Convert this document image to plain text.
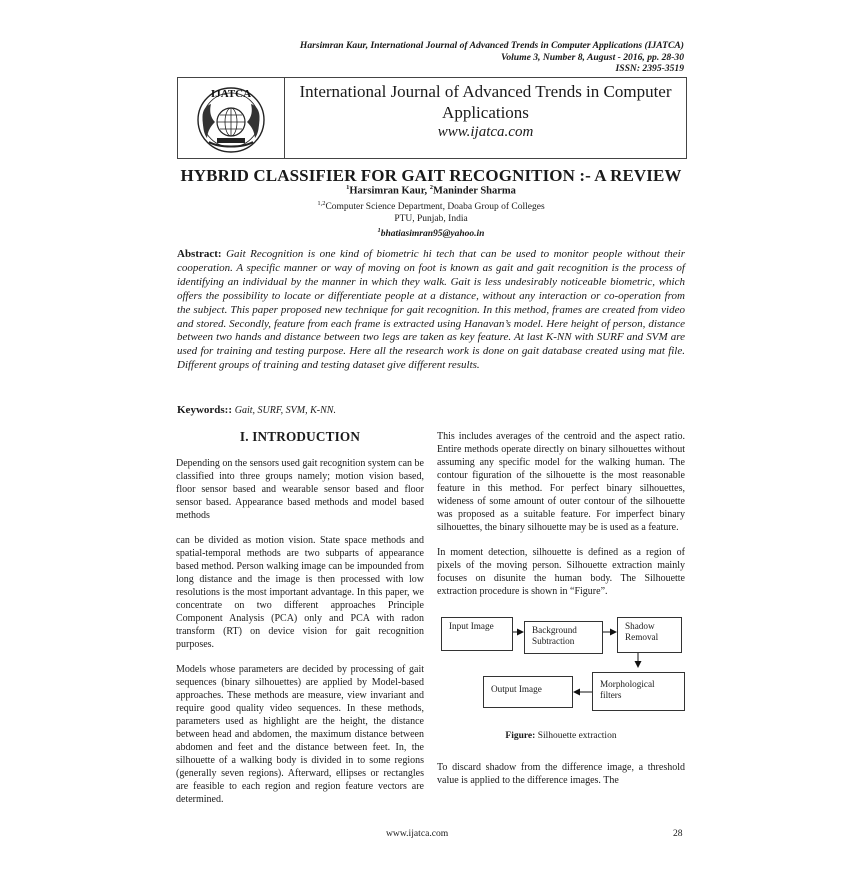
Harsimran Kaur, International Journal of Advanced Trends in Computer Applications (IJATCA)
Volume 3, Number 8, August - 2016, pp. 28-30
ISSN: 2395-3519
IJATCA	International Journal of Advanced Trends in Computer Applications
www.ijatca.com
HYBRID CLASSIFIER FOR GAIT RECOGNITION :- A REVIEW
$^1$Harsimran Kaur, $^2$Maninder Sharma
$^{1,2}$Computer Science Department, Doaba Group of Colleges
PTU, Punjab, India
$^1$bhatiasimran95@yahoo.in
Abstract: Gait Recognition is one kind of biometric hi tech that can be used to monitor people without their cooperation. A specific manner or way of moving on foot is known as gait and gait recognition is the process of identifying an individual by the manner in which they walk. Gait is less undesirably noticeable biometric, which offers the possibility to locate or differentiate people at a distance, without any interaction or co-operation from the subject. This paper proposed new technique for gait recognition. In this method, frames are created from video and stored. Secondly, feature from each frame is extracted using Hanavan’s model. Here height of person, distance between two hands and distance between two legs are taken as key feature. At last K-NN with SURF and SVM are used for training and testing purpose. Here all the research work is done on gait database created using mat file. Different groups of training and testing dataset give different results.
Keywords:: Gait, SURF, SVM, K-NN.
I. INTRODUCTION

Depending on the sensors used gait recognition system can be classified into three groups namely; motion vision based, floor sensor based and wearable sensor based and floor sensor based. Appearance based methods and model based methods

can be divided as motion vision. State space methods and spatial-temporal methods are two subparts of appearance based method. Person walking image can be impounded from long distance and the image is then processed with low resolutions is the most important advantage. In this paper, we concentrate on two different approaches Principle Component Analysis (PCA) only and PCA with radon transform (RT) on device vision for gait recognition purposes.

Models whose parameters are decided by processing of gait sequences (binary silhouettes) are applied by Model-based approaches. These methods are measure, view invariant and require good quality video sequences. In these methods, parameters used as highlight are the height, the distance between head and abdomen, the maximum distance between abdomen and feet and the distance between feet. In, the silhouette of a walking body is divided in to some regions (generally seven regions). Afterward, ellipses or rectangles are feasible to each region and region feature vectors are determined.

This includes averages of the centroid and the aspect ratio. Entire methods operate directly on binary silhouettes without assuming any specific model for the walking human. The contour figuration of the silhouette is the most reasonable feature in this method. For perfect binary silhouettes, wideness of some amount of outer contour of the silhouette was proposed as a suitable feature. For imperfect binary silhouettes, the binary silhouette may be is used as a feature.

In moment detection, silhouette is defined as a region of pixels of the moving person. Silhouette extraction mainly focuses on disunite the human body. The Silhouette extraction procedure is shown in “Figure”.

Input Image	Background
Subtraction
Shadow
Removal
Morphological
filters
Output Image
Figure: Silhouette extraction

To discard shadow from the difference image, a threshold value is applied to the difference images. The

www.ijatca.com	28
